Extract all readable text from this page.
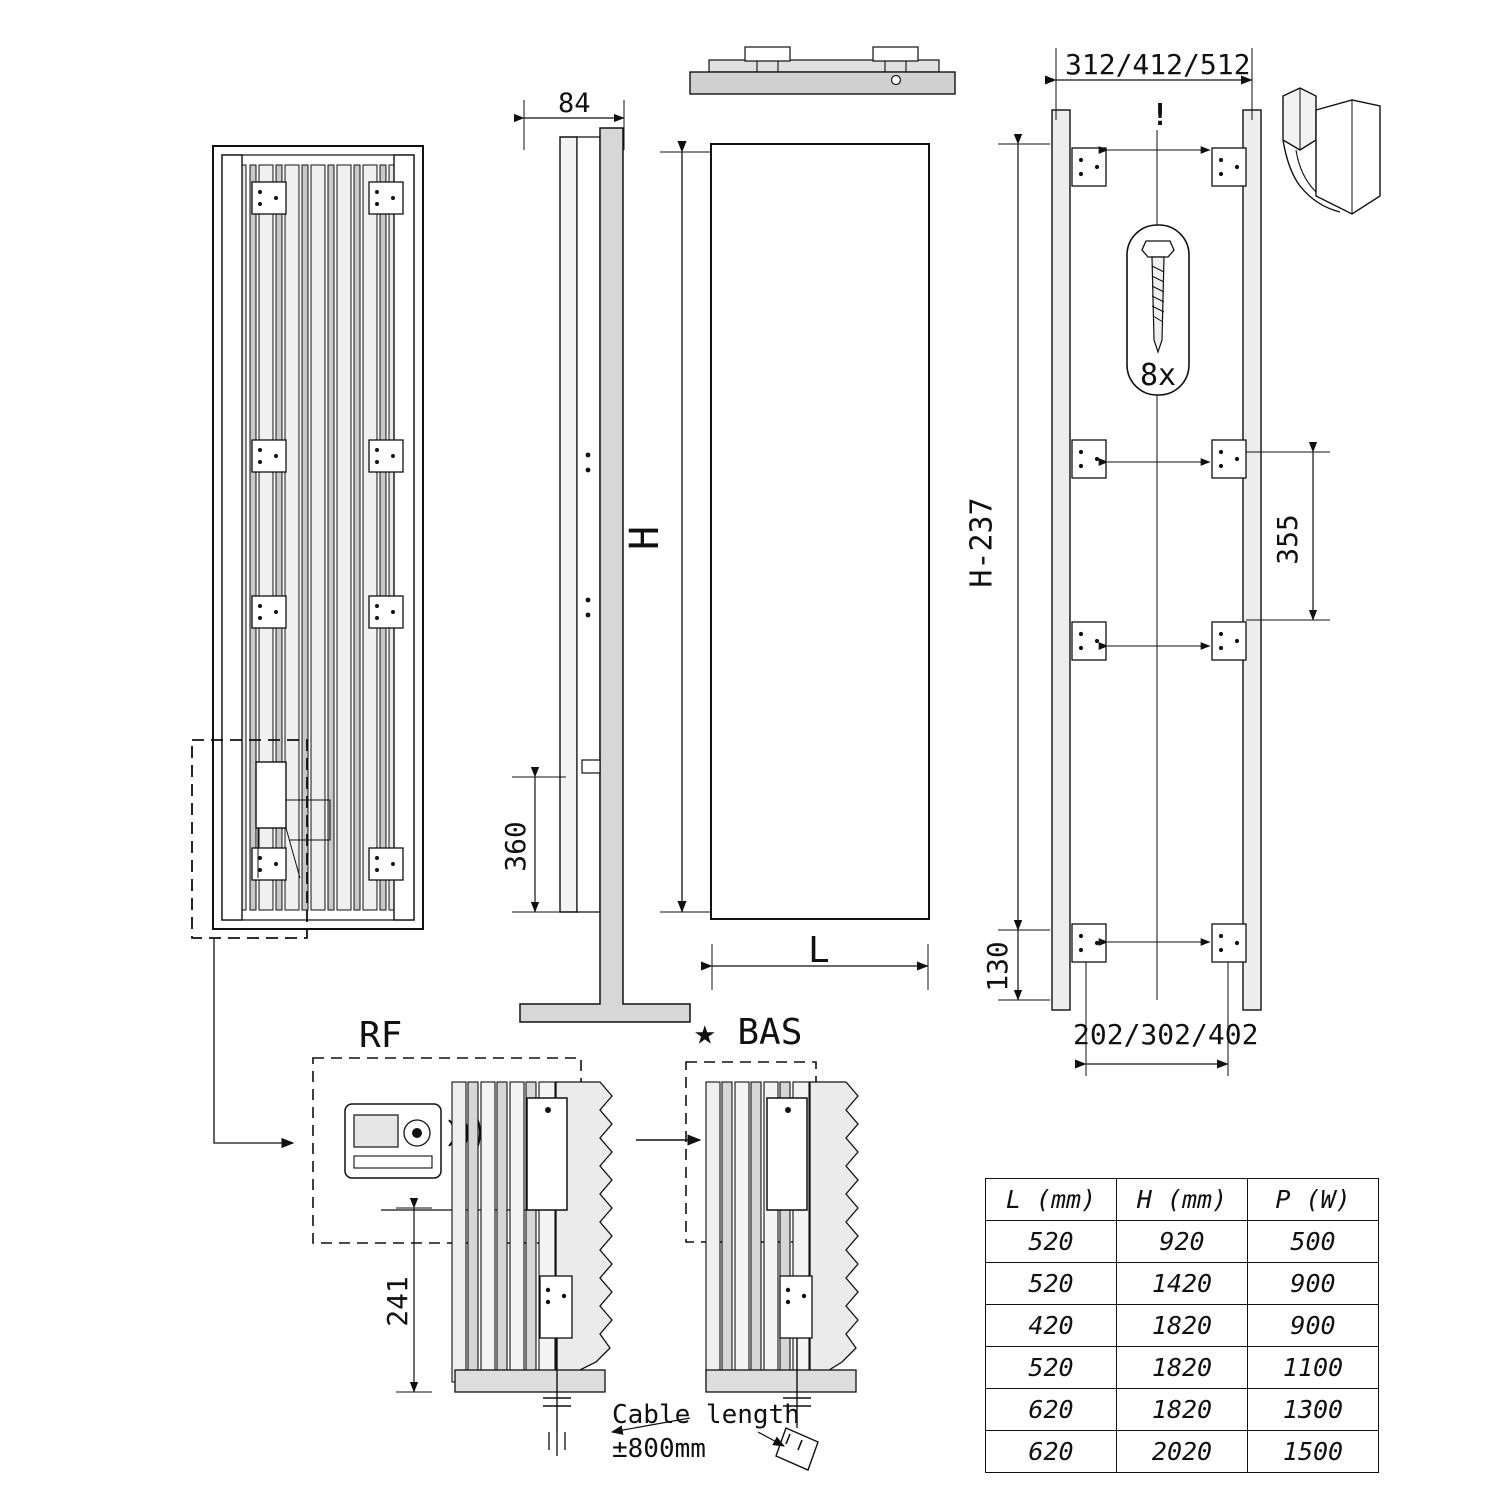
84
312/412/512
202/302/402
!
8x
H
L
H-237	355
130
360
241
RF	★ BAS
Cable length
±800mm
L (mm)	H (mm)	P (W)
520	920	500
520	1420	900
420	1820	900
520	1820	1100
620	1820	1300
620	2020	1500
